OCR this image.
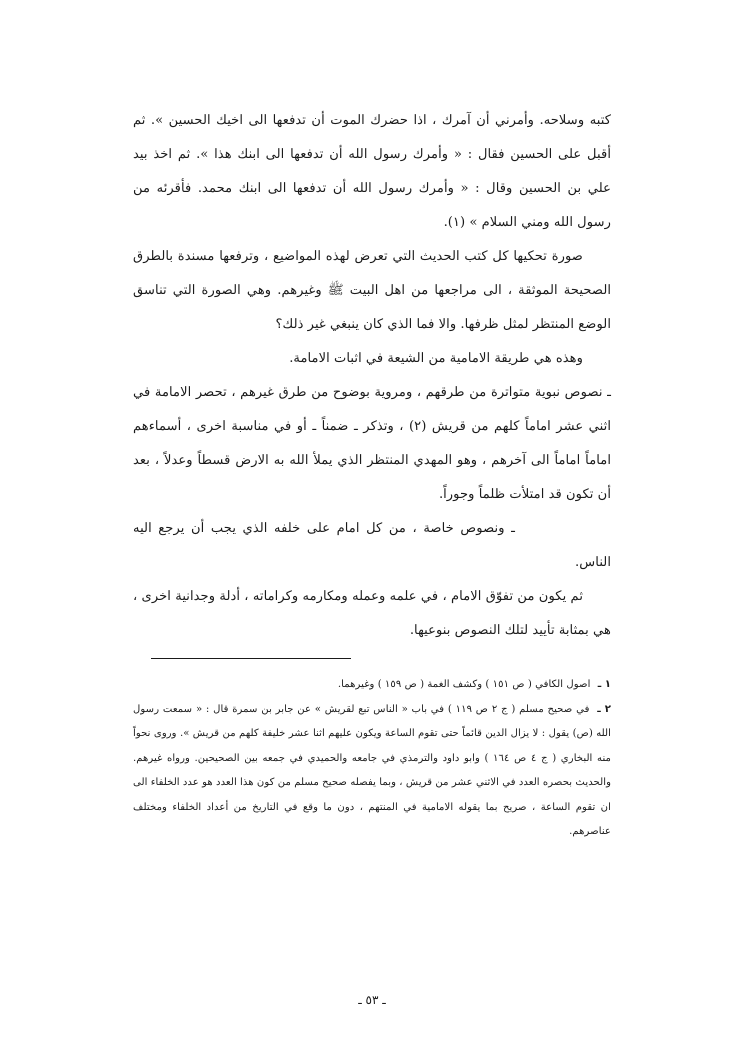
كتبه وسلاحه. وأمرني أن آمرك ، اذا حضرك الموت أن تدفعها الى اخيك الحسين ». ثم أقبل على الحسين فقال : « وأمرك رسول الله أن تدفعها الى ابنك هذا ». ثم اخذ بيد علي بن الحسين وقال : « وأمرك رسول الله أن تدفعها الى ابنك محمد. فأقرئه من رسول الله ومني السلام » (١).

صورة تحكيها كل كتب الحديث التي تعرض لهذه المواضيع ، وترفعها مسندة بالطرق الصحيحة الموثقة ، الى مراجعها من اهل البيت ﷺ وغيرهم. وهي الصورة التي تناسق الوضع المنتظر لمثل ظرفها. والا فما الذي كان ينبغي غير ذلك؟

وهذه هي طريقة الامامية من الشيعة في اثبات الامامة.

ـ نصوص نبوية متواترة من طرقهم ، ومروية بوضوح من طرق غيرهم ، تحصر الامامة في اثني عشر اماماً كلهم من قريش (٢) ، وتذكر ـ ضمناً ـ أو في مناسبة اخرى ، أسماءهم اماماً اماماً الى آخرهم ، وهو المهدي المنتظر الذي يملأ الله به الارض قسطاً وعدلاً ، بعد أن تكون قد امتلأت ظلماً وجوراً.

ـ ونصوص خاصة ، من كل امام على خلفه الذي يجب أن يرجع اليه الناس.

ثم يكون من تفوّق الامام ، في علمه وعمله ومكارمه وكراماته ، أدلة وجدانية اخرى ، هي بمثابة تأييد لتلك النصوص بنوعيها.

١ ـ اصول الكافي ( ص ١٥١ ) وكشف الغمة ( ص ١٥٩ ) وغيرهما.

٢ ـ في صحيح مسلم ( ج ٢ ص ١١٩ ) في باب « الناس تبع لقريش » عن جابر بن سمرة قال : « سمعت رسول الله (ص) يقول : لا يزال الدين قائماً حتى تقوم الساعة ويكون عليهم اثنا عشر خليفة كلهم من قريش ». وروى نحواً منه البخاري ( ج ٤ ص ١٦٤ ) وابو داود والترمذي في جامعه والحميدي في جمعه بين الصحيحين. ورواه غيرهم. والحديث بحصره العدد في الاثني عشر من قريش ، وبما يفصله صحيح مسلم من كون هذا العدد هو عدد الخلفاء الى ان تقوم الساعة ، صريح بما يقوله الامامية في المنتهم ، دون ما وقع في التاريخ من أعداد الخلفاء ومختلف عناصرهم.

ـ ٥٣ ـ
